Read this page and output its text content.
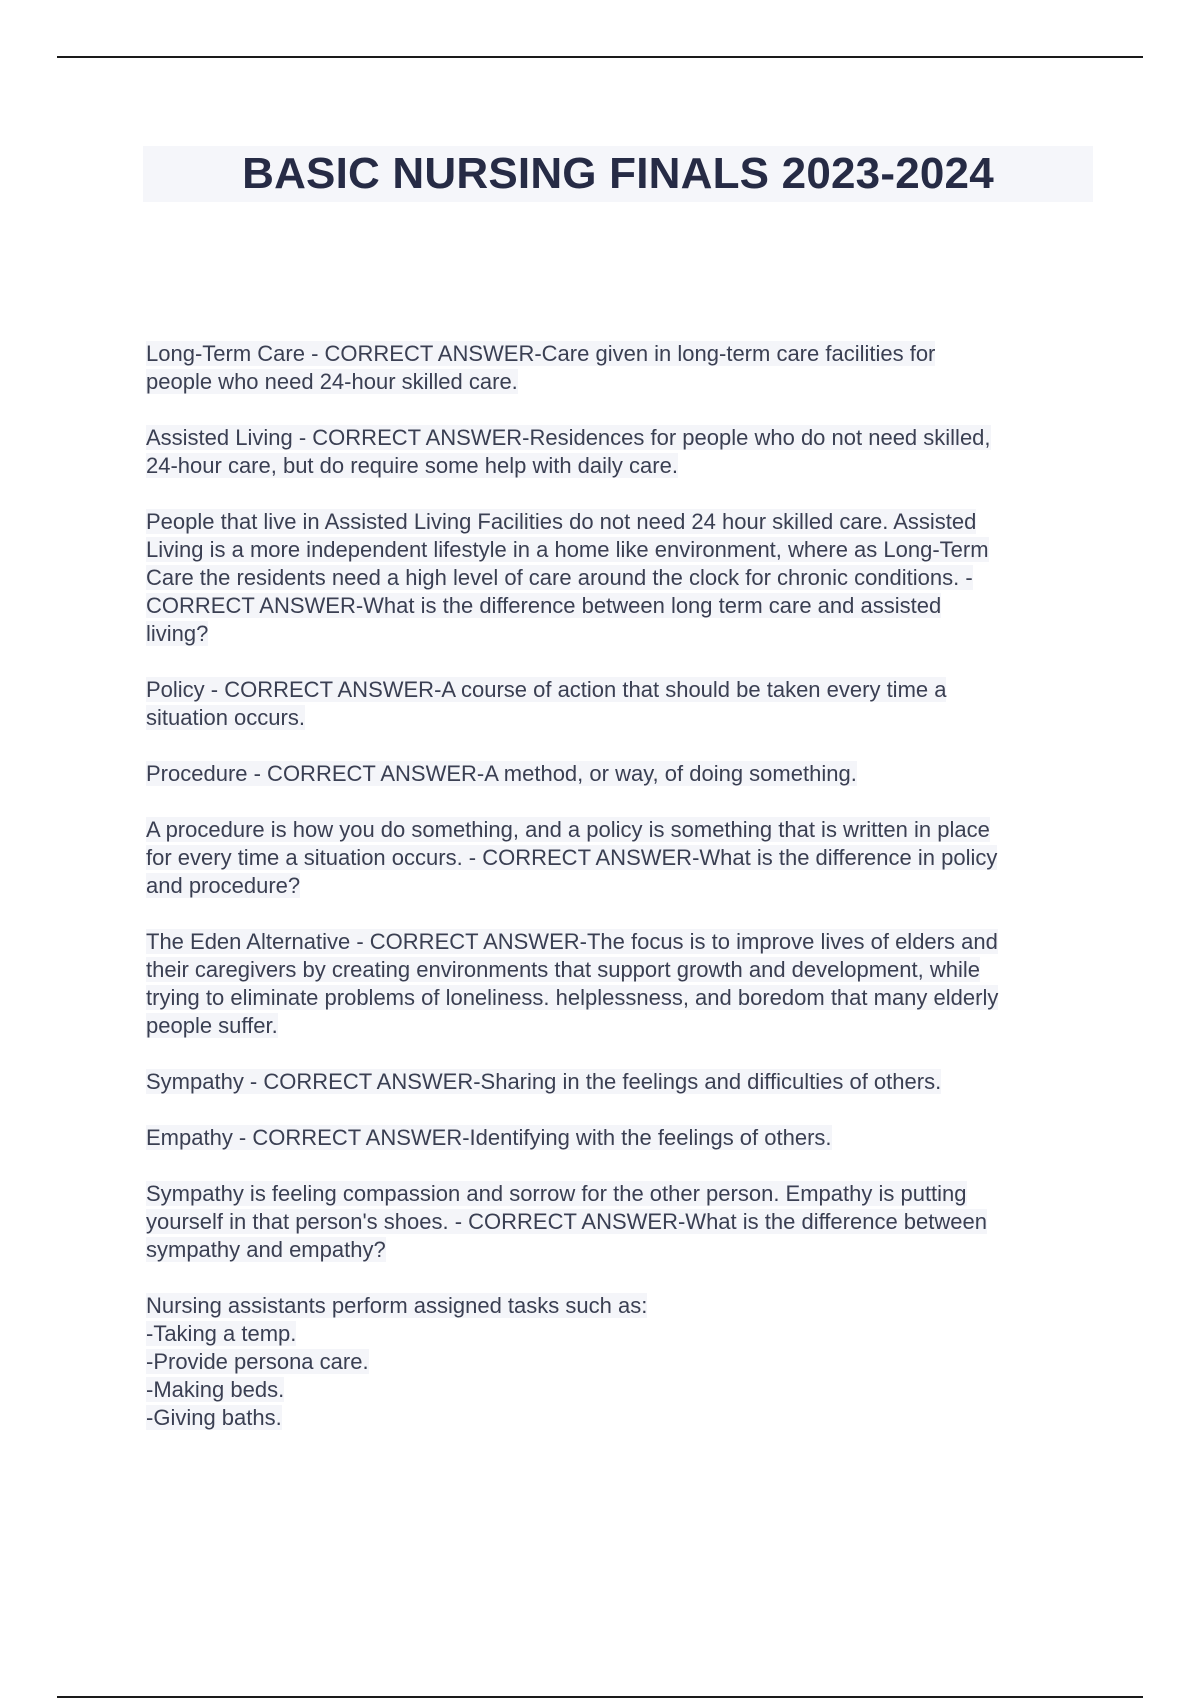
BASIC NURSING FINALS 2023-2024

Long-Term Care - CORRECT ANSWER-Care given in long-term care facilities for
people who need 24-hour skilled care.

Assisted Living - CORRECT ANSWER-Residences for people who do not need skilled,
24-hour care, but do require some help with daily care.

People that live in Assisted Living Facilities do not need 24 hour skilled care. Assisted
Living is a more independent lifestyle in a home like environment, where as Long-Term
Care the residents need a high level of care around the clock for chronic conditions. -
CORRECT ANSWER-What is the difference between long term care and assisted
living?

Policy - CORRECT ANSWER-A course of action that should be taken every time a
situation occurs.

Procedure - CORRECT ANSWER-A method, or way, of doing something.

A procedure is how you do something, and a policy is something that is written in place
for every time a situation occurs. - CORRECT ANSWER-What is the difference in policy
and procedure?

The Eden Alternative - CORRECT ANSWER-The focus is to improve lives of elders and
their caregivers by creating environments that support growth and development, while
trying to eliminate problems of loneliness. helplessness, and boredom that many elderly
people suffer.

Sympathy - CORRECT ANSWER-Sharing in the feelings and difficulties of others.

Empathy - CORRECT ANSWER-Identifying with the feelings of others.

Sympathy is feeling compassion and sorrow for the other person. Empathy is putting
yourself in that person's shoes. - CORRECT ANSWER-What is the difference between
sympathy and empathy?

Nursing assistants perform assigned tasks such as:
-Taking a temp.
-Provide persona care.
-Making beds.
-Giving baths.
